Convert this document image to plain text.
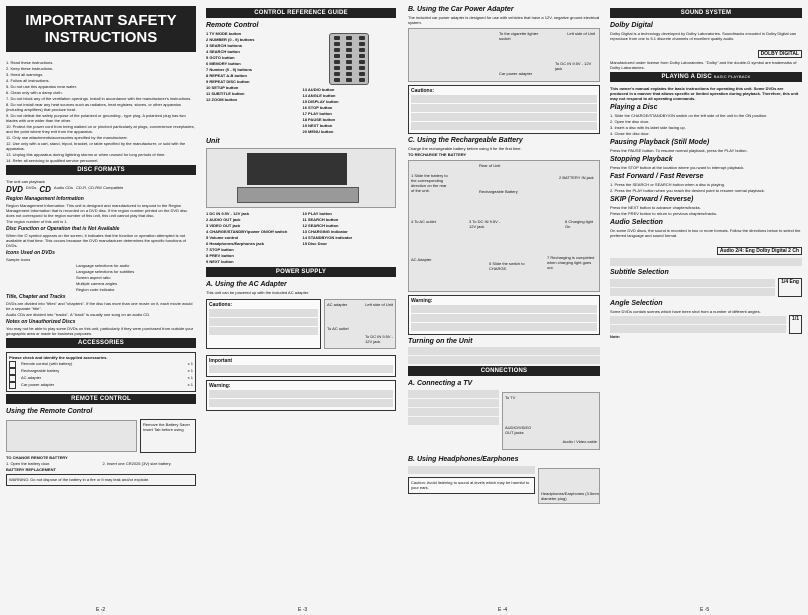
IMPORTANT SAFETY
INSTRUCTIONS

1. Read these instructions.

2. Keep these instructions.

3. Heed all warnings.

4. Follow all instructions.

5. Do not use this apparatus near water.

6. Clean only with a damp cloth.

7. Do not block any of the ventilation openings. Install in accordance with the manufacturer's instructions.

8. Do not install near any heat sources such as radiators, heat registers, stoves, or other apparatus (including amplifiers) that produce heat.

9. Do not defeat the safety purpose of the polarized or grounding - type plug. A polarized plug has two blades with one wider than the other.

10. Protect the power cord from being walked on or pinched particularly at plugs, convenience receptacles, and the point where they exit from the apparatus.

11. Only use attachments/accessories specified by the manufacturer.

12. Use only with a cart, stand, tripod, bracket, or table specified by the manufacturer, or sold with the apparatus.

13. Unplug this apparatus during lightning storms or when unused for long periods of time.

14. Refer all servicing to qualified service personnel.

DISC FORMATS

The unit can playback

DVD DVDs CD Audio CDs CD-R, CD-RW Compatible
Region Management Information

Region Management Information: This unit is designed and manufactured to respond to the Region Management Information that is recorded on a DVD disc. If the region number printed on the DVD disc does not correspond to the region number of this unit, this unit cannot play that disc.

The region number of this unit is 1.

Disc Function or Operation that is Not Available

When the ∅ symbol appears on the screen, it indicates that the function or operation attempted is not available at that time. This occurs because the DVD manufacturer determines the specific functions of DVDs.

Icons Used on DVDs

Sample Icons

Language selections for audio

Language selections for subtitles

Screen aspect ratio

Multiple camera angles

Region code indicator

Title, Chapter and Tracks

DVDs are divided into "titles" and "chapters". If the disc has more than one movie on it, each movie would be a separate "title".

Audio CDs are divided into "tracks". A "track" is usually one song on an audio CD.

Notes on Unauthorized Discs

You may not be able to play some DVDs on this unit, particularly if they were purchased from outside your geographic area or made for business purposes.

ACCESSORIES

Please check and identify the supplied accessories.

Remote control (with battery)	x 1
Rechargeable battery	x 1
AC adapter	x 1
Car power adapter	x 1
REMOTE CONTROL
Using the Remote Control

Remove the Battery Saver Insert Tab before using

TO CHANGE REMOTE BATTERY

1. Open the battery door.	2. Insert one CR2025 (3V) size battery.

BATTERY REPLACEMENT

WARNING: Do not dispose of the battery in a fire or it may leak and/or explode.

E -2
CONTROL REFERENCE GUIDE
Remote Control

1 TV MODE button

2 NUMBER (0 - 9) buttons

3 SEARCH buttons

4 SEARCH button

5 GOTO button

6 MEMORY button

7 Number (0 - 9) buttons

8 REPEAT A-B button

9 REPEAT DISC button

10 SETUP button

11 SUBTITLE button

12 ZOOM button

13 AUDIO button

14 ANGLE button

15 DISPLAY button

16 STOP button

17 PLAY button

18 PAUSE button

19 NEXT button

20 MENU button

Unit

1 DC IN 9.5V - 12V jack

2 AUDIO OUT jack

3 VIDEO OUT jack

4 CHARGE/STANDBY/power ON/Off switch

5 Volume control

6 Headphones/Earphones jack

7 STOP button

8 PREV button

9 NEXT button

10 PLAY button

11 SEARCH button

12 SEARCH button

13 CHARGING indicator

14 STANDBY/ON indicator

15 Disc Door

POWER SUPPLY
A. Using the AC Adapter

This unit can be powered up with the included AC adapter.

Cautions:	AC adapter

To AC outlet

Left side of Unit

To DC IN 9.5V - 12V jack

Important
Warning:
E -3
B. Using the Car Power Adapter

The included car power adapter is designed for use with vehicles that have a 12V, negative ground electrical system.

To the cigarette lighter socket

Left side of Unit

Car power adapter

To DC IN 9.5V - 12V jack

Cautions:
C. Using the Rechargeable Battery

Charge the rechargeable battery before using it for the first time.

TO RECHARGE THE BATTERY

Rear of Unit

1 Slide the battery to the corresponding direction on the rear of the unit.	Rechargeable Battery

2 BATTERY IN jack

4 To AC outlet	3 To DC IN 9.5V - 12V jack

6 Charging light On

AC Adapter

5 Slide the switch to CHARGE.

7 Recharging is completed when charging light goes out.

Warning:
Turning on the Unit
CONNECTIONS
A. Connecting a TV

To TV

AUDIO/VIDEO OUT jacks

Audio / Video cable

B. Using Headphones/Earphones

Caution: Avoid listening to sound at levels which may be harmful to your ears.

Headphones/Earphones (3.5mm diameter plug)

E -4
SOUND SYSTEM
Dolby Digital

Dolby Digital is a technology developed by Dolby Laboratories. Soundtracks encoded in Dolby Digital can reproduce from one to 5.1 discrete channels of excellent quality audio.

DOLBY DIGITAL

Manufactured under license from Dolby Laboratories. "Dolby" and the double-D symbol are trademarks of Dolby Laboratories.

PLAYING A DISC BASIC PLAYBACK

This owner's manual explains the basic instructions for operating this unit. Some DVDs are produced in a manner that allows specific or limited operation during playback. Therefore, this unit may not respond to all operating commands.

Playing a Disc

1. Slide the CHARGE/STANDBY/ON switch on the left side of the unit to the ON position.

2. Open the disc door.

3. Insert a disc with its label side facing up.

4. Close the disc door.

Pausing Playback (Still Mode)

Press the PAUSE button. To resume normal playback, press the PLAY button.

Stopping Playback

Press the STOP button at the location where you want to interrupt playback.

Fast Forward / Fast Reverse

1. Press the SEARCH or SEARCH button when a disc is playing.

2. Press the PLAY button when you reach the desired point to resume normal playback.

SKIP (Forward / Reverse)

Press the NEXT button to advance chapters/tracks.

Press the PREV button to return to previous chapters/tracks.

Audio Selection

On some DVD discs, the sound is recorded in two or more formats. Follow the directions below to select the preferred language and sound format.

Audio 2/4: Eng Dolby Digital 2 Ch
Subtitle Selection
1/4 Eng
Angle Selection

Some DVDs contain scenes which have been shot from a number of different angles.

1/1

Note:

E -5
